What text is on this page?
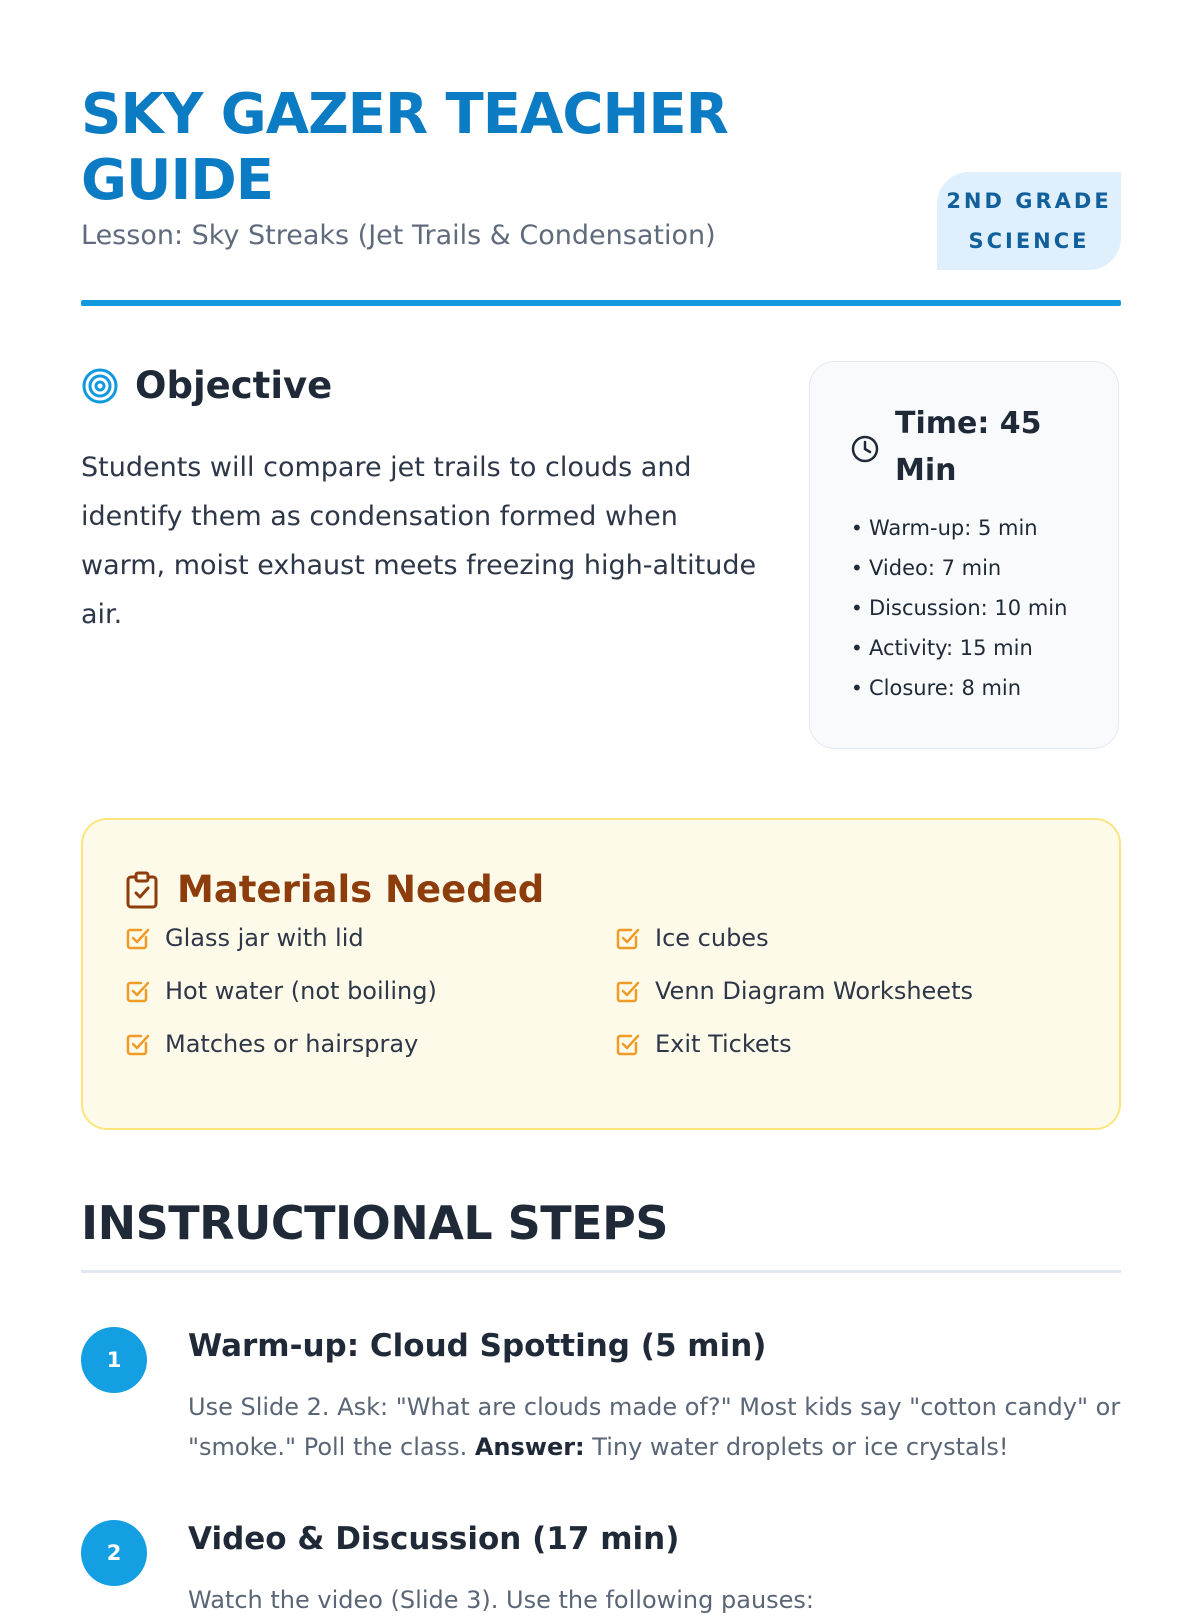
SKY GAZER TEACHER GUIDE

Lesson: Sky Streaks (Jet Trails & Condensation)

2ND GRADE SCIENCE
Objective

Students will compare jet trails to clouds and identify them as condensation formed when warm, moist exhaust meets freezing high-altitude air.

Time: 45 Min

• Warm-up: 5 min
• Video: 7 min
• Discussion: 10 min
• Activity: 15 min
• Closure: 8 min
Materials Needed
Glass jar with lid	Ice cubes
Hot water (not boiling)	Venn Diagram Worksheets
Matches or hairspray	Exit Tickets
INSTRUCTIONAL STEPS
1	Warm-up: Cloud Spotting (5 min)

Use Slide 2. Ask: "What are clouds made of?" Most kids say "cotton candy" or "smoke." Poll the class. Answer: Tiny water droplets or ice crystals!

2	Video & Discussion (17 min)

Watch the video (Slide 3). Use the following pauses:
